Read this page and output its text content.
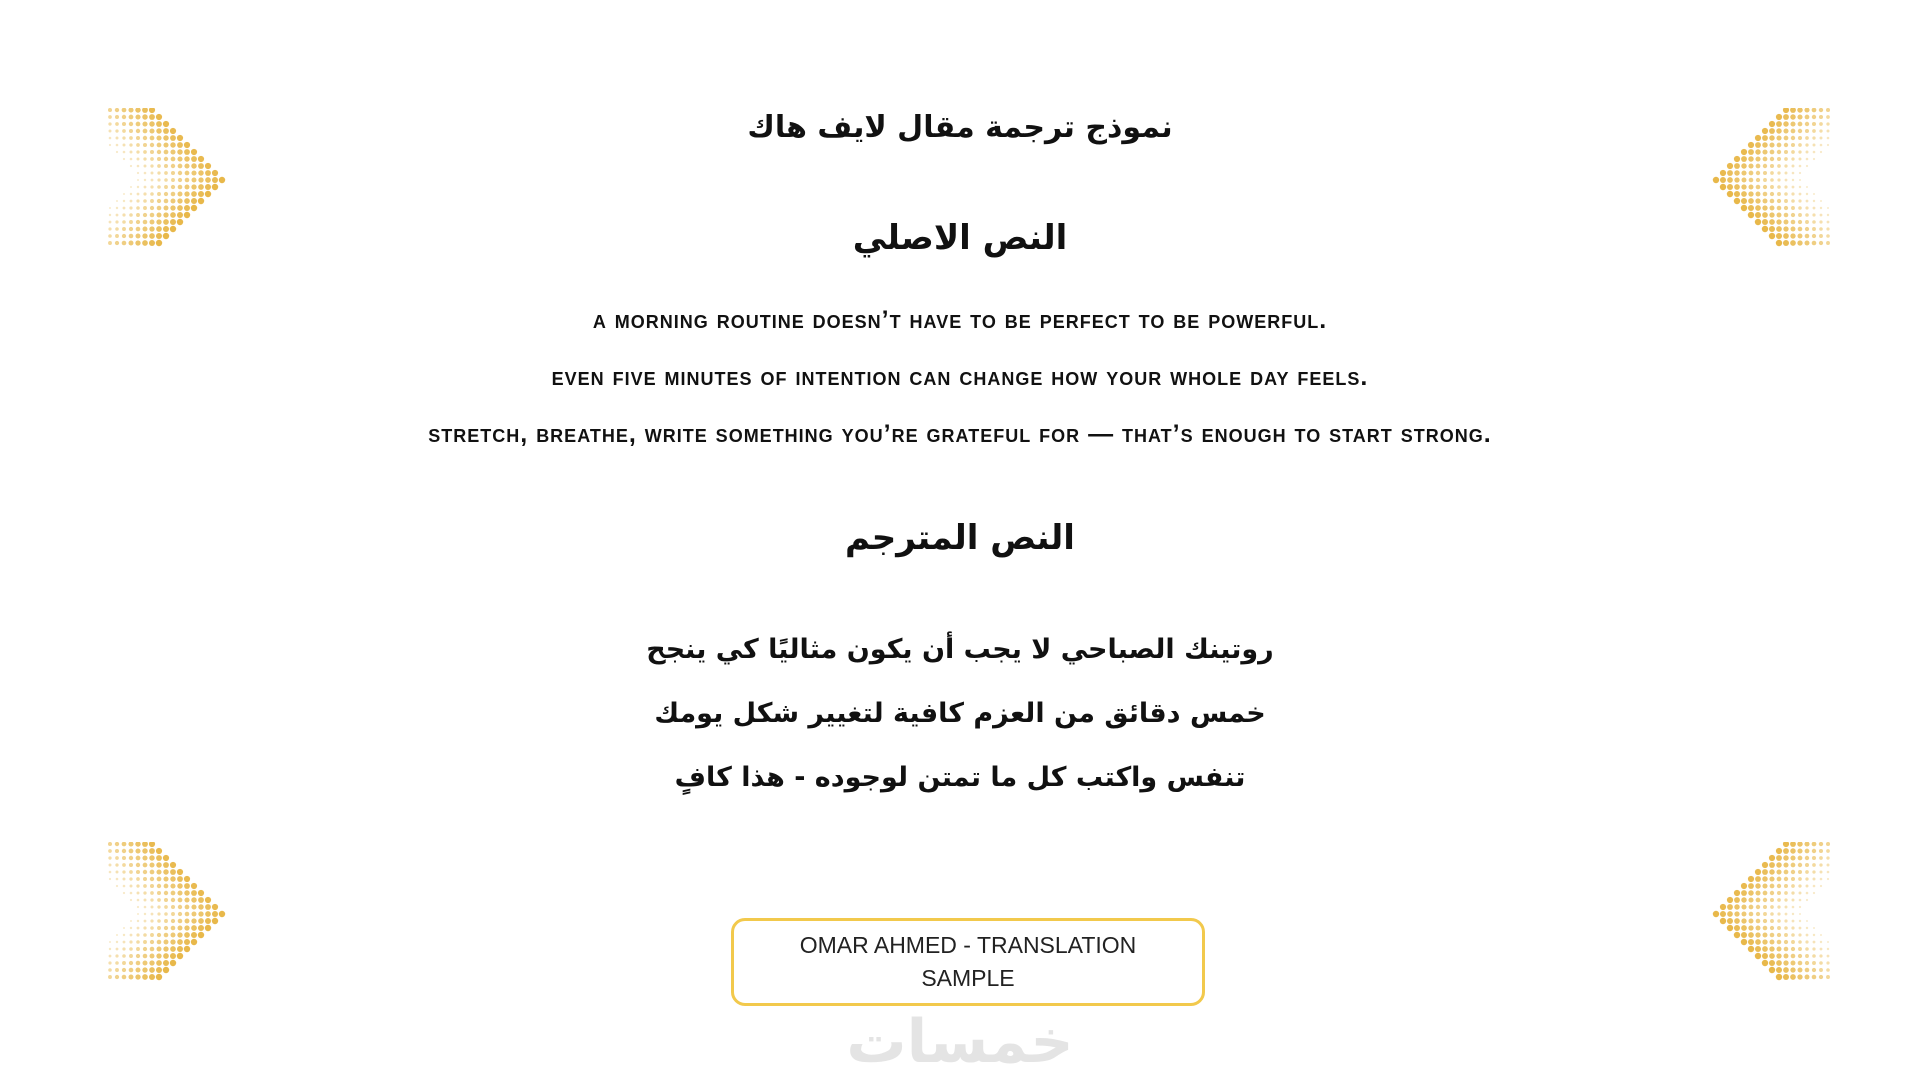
نموذج ترجمة مقال لايف هاك
النص الاصلي
a morning routine doesn’t have to be perfect to be powerful.
even five minutes of intention can change how your whole day feels.
stretch, breathe, write something you’re grateful for — that’s enough to start strong.
النص المترجم
روتينك الصباحي لا يجب أن يكون مثاليًا كي ينجح
خمس دقائق من العزم كافية لتغيير شكل يومك
تنفس واكتب كل ما تمتن لوجوده - هذا كافٍ
OMAR AHMED - TRANSLATION SAMPLE
خمسات
